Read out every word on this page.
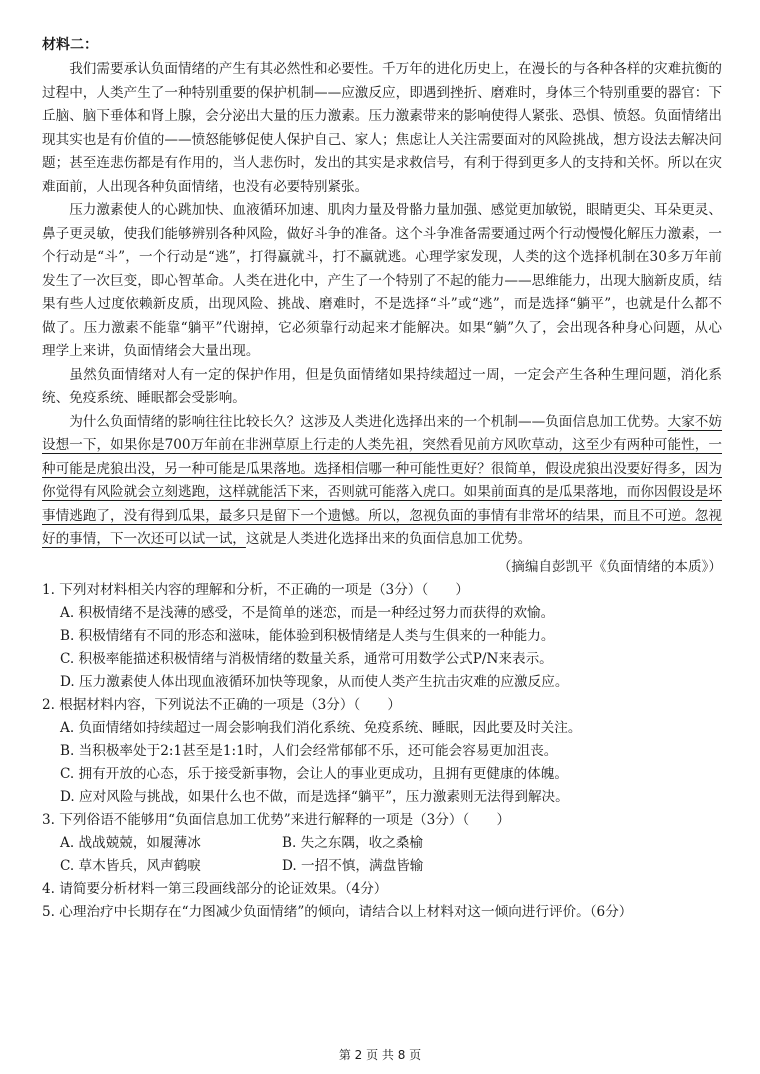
材料二：

我们需要承认负面情绪的产生有其必然性和必要性。千万年的进化历史上，在漫长的与各种各样的灾难抗衡的过程中，人类产生了一种特别重要的保护机制——应激反应，即遇到挫折、磨难时，身体三个特别重要的器官：下丘脑、脑下垂体和肾上腺，会分泌出大量的压力激素。压力激素带来的影响使得人紧张、恐惧、愤怒。负面情绪出现其实也是有价值的——愤怒能够促使人保护自己、家人；焦虑让人关注需要面对的风险挑战，想方设法去解决问题；甚至连悲伤都是有作用的，当人悲伤时，发出的其实是求救信号，有利于得到更多人的支持和关怀。所以在灾难面前，人出现各种负面情绪，也没有必要特别紧张。

压力激素使人的心跳加快、血液循环加速、肌肉力量及骨骼力量加强、感觉更加敏锐，眼睛更尖、耳朵更灵、鼻子更灵敏，使我们能够辨别各种风险，做好斗争的准备。这个斗争准备需要通过两个行动慢慢化解压力激素，一个行动是“斗”，一个行动是“逃”，打得赢就斗，打不赢就逃。心理学家发现，人类的这个选择机制在30多万年前发生了一次巨变，即心智革命。人类在进化中，产生了一个特别了不起的能力——思维能力，出现大脑新皮质，结果有些人过度依赖新皮质，出现风险、挑战、磨难时，不是选择“斗”或“逃”，而是选择“躺平”，也就是什么都不做了。压力激素不能靠“躺平”代谢掉，它必须靠行动起来才能解决。如果“躺”久了，会出现各种身心问题，从心理学上来讲，负面情绪会大量出现。

虽然负面情绪对人有一定的保护作用，但是负面情绪如果持续超过一周，一定会产生各种生理问题，消化系统、免疫系统、睡眠都会受影响。

为什么负面情绪的影响往往比较长久？这涉及人类进化选择出来的一个机制——负面信息加工优势。大家不妨设想一下，如果你是700万年前在非洲草原上行走的人类先祖，突然看见前方风吹草动，这至少有两种可能性，一种可能是虎狼出没，另一种可能是瓜果落地。选择相信哪一种可能性更好？很简单，假设虎狼出没要好得多，因为你觉得有风险就会立刻逃跑，这样就能活下来，否则就可能落入虎口。如果前面真的是瓜果落地，而你因假设是坏事情逃跑了，没有得到瓜果，最多只是留下一个遗憾。所以，忽视负面的事情有非常坏的结果，而且不可逆。忽视好的事情，下一次还可以试一试，这就是人类进化选择出来的负面信息加工优势。

（摘编自彭凯平《负面情绪的本质》）

1. 下列对材料相关内容的理解和分析，不正确的一项是（3分）（　　）

A. 积极情绪不是浅薄的感受，不是简单的迷恋，而是一种经过努力而获得的欢愉。

B. 积极情绪有不同的形态和滋味，能体验到积极情绪是人类与生俱来的一种能力。

C. 积极率能描述积极情绪与消极情绪的数量关系，通常可用数学公式P/N来表示。

D. 压力激素使人体出现血液循环加快等现象，从而使人类产生抗击灾难的应激反应。

2. 根据材料内容，下列说法不正确的一项是（3分）（　　）

A. 负面情绪如持续超过一周会影响我们消化系统、免疫系统、睡眠，因此要及时关注。

B. 当积极率处于2:1甚至是1:1时，人们会经常郁郁不乐，还可能会容易更加沮丧。

C. 拥有开放的心态，乐于接受新事物，会让人的事业更成功，且拥有更健康的体魄。

D. 应对风险与挑战，如果什么也不做，而是选择“躺平”，压力激素则无法得到解决。

3. 下列俗语不能够用“负面信息加工优势”来进行解释的一项是（3分）（　　）

A. 战战兢兢，如履薄冰	B. 失之东隅，收之桑榆
C. 草木皆兵，风声鹤唳	D. 一招不慎，满盘皆输

4. 请简要分析材料一第三段画线部分的论证效果。（4分）

5. 心理治疗中长期存在“力图减少负面情绪”的倾向，请结合以上材料对这一倾向进行评价。（6分）

第 2 页 共 8 页
